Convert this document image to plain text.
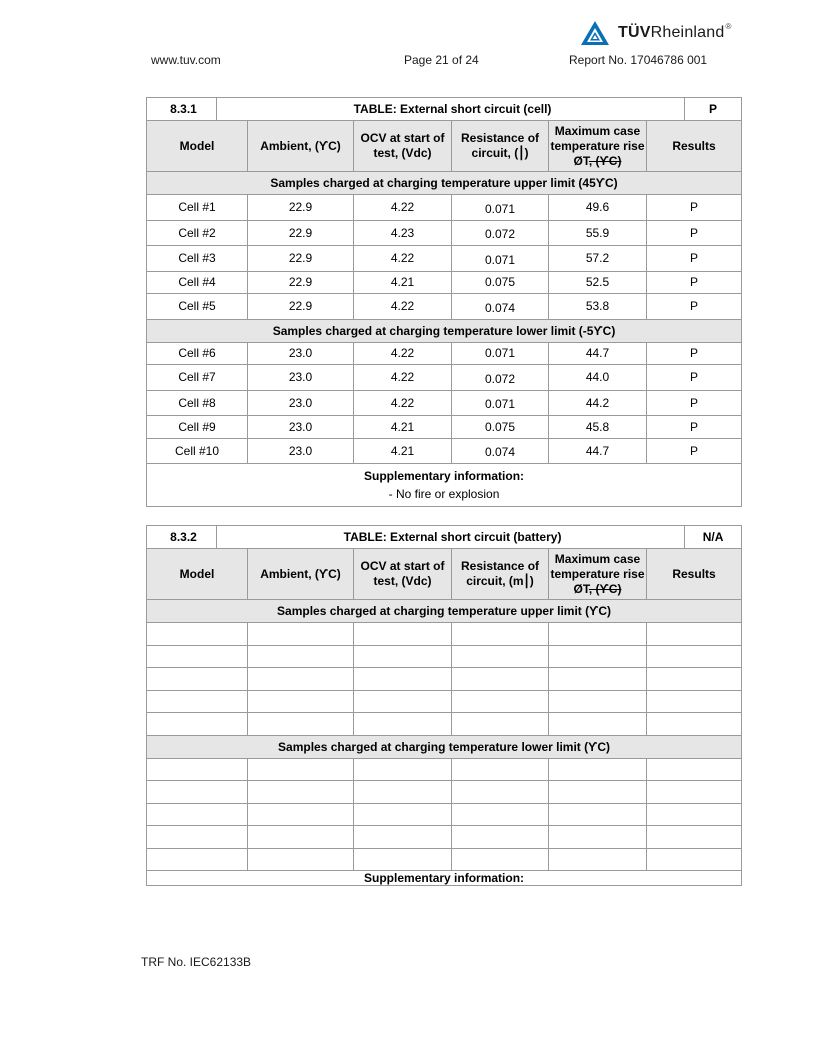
TÜVRheinland®
www.tuv.com	Page 21 of 24	Report No. 17046786 001
8.3.1	TABLE: External short circuit (cell)						P
Model		Ambient, (ϒC)	OCV at start of test, (Vdc)	Resistance of circuit, (⎮)	Maximum case temperature rise ØT, (ϒC)	Results	
Samples charged at charging temperature upper limit (45ϒC)							
Cell #1		22.9	4.22	0.071	49.6	P	
Cell #2		22.9	4.23	0.072	55.9	P	
Cell #3		22.9	4.22	0.071	57.2	P	
Cell #4		22.9	4.21	0.075	52.5	P	
Cell #5		22.9	4.22	0.074	53.8	P	
Samples charged at charging temperature lower limit (-5ϒC)							
Cell #6		23.0	4.22	0.071	44.7	P	
Cell #7		23.0	4.22	0.072	44.0	P	
Cell #8		23.0	4.22	0.071	44.2	P	
Cell #9		23.0	4.21	0.075	45.8	P	
Cell #10		23.0	4.21	0.074	44.7	P	

Supplementary information:
- No fire or explosion							
8.3.2	TABLE: External short circuit (battery)						N/A
Model		Ambient, (ϒC)	OCV at start of test, (Vdc)	Resistance of circuit, (m⎮)	Maximum case temperature rise ØT, (ϒC)	Results	
Samples charged at charging temperature upper limit (ϒC)							

Samples charged at charging temperature lower limit (ϒC)							

Supplementary information:							
TRF No. IEC62133B
